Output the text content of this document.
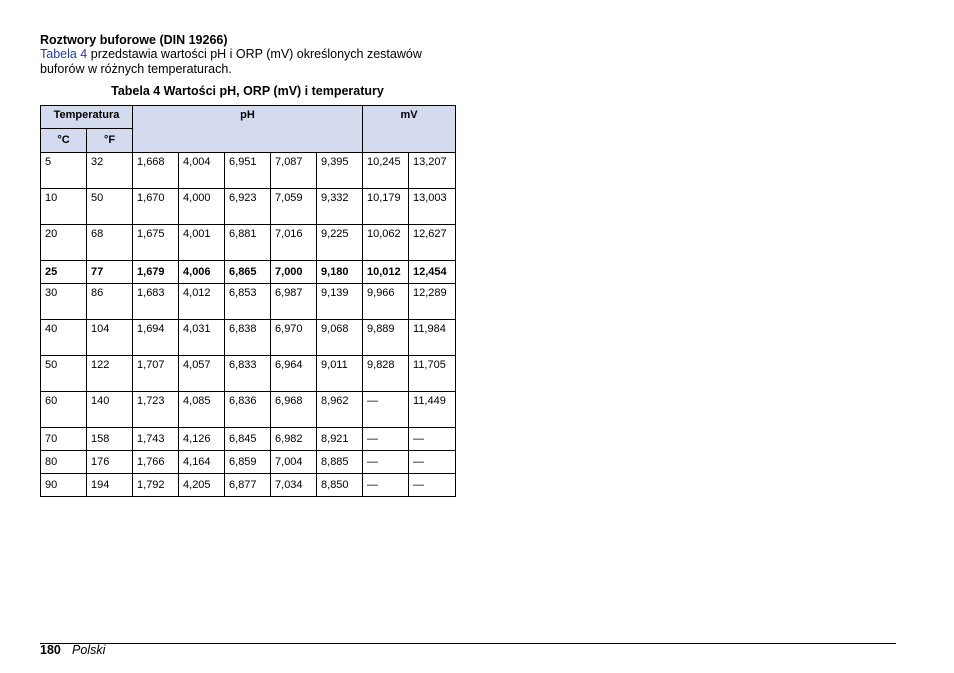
Roztwory buforowe (DIN 19266)
Tabela 4 przedstawia wartości pH i ORP (mV) określonych zestawów buforów w różnych temperaturach.
Tabela 4 Wartości pH, ORP (mV) i temperatury
Temperatura		pH					mV	
°C	°F							
5	32	1,668	4,004	6,951	7,087	9,395	10,245	13,207
10	50	1,670	4,000	6,923	7,059	9,332	10,179	13,003
20	68	1,675	4,001	6,881	7,016	9,225	10,062	12,627
25	77	1,679	4,006	6,865	7,000	9,180	10,012	12,454
30	86	1,683	4,012	6,853	6,987	9,139	9,966	12,289
40	104	1,694	4,031	6,838	6,970	9,068	9,889	11,984
50	122	1,707	4,057	6,833	6,964	9,011	9,828	11,705
60	140	1,723	4,085	6,836	6,968	8,962	—	11,449
70	158	1,743	4,126	6,845	6,982	8,921	—	—
80	176	1,766	4,164	6,859	7,004	8,885	—	—
90	194	1,792	4,205	6,877	7,034	8,850	—	—
180 Polski
